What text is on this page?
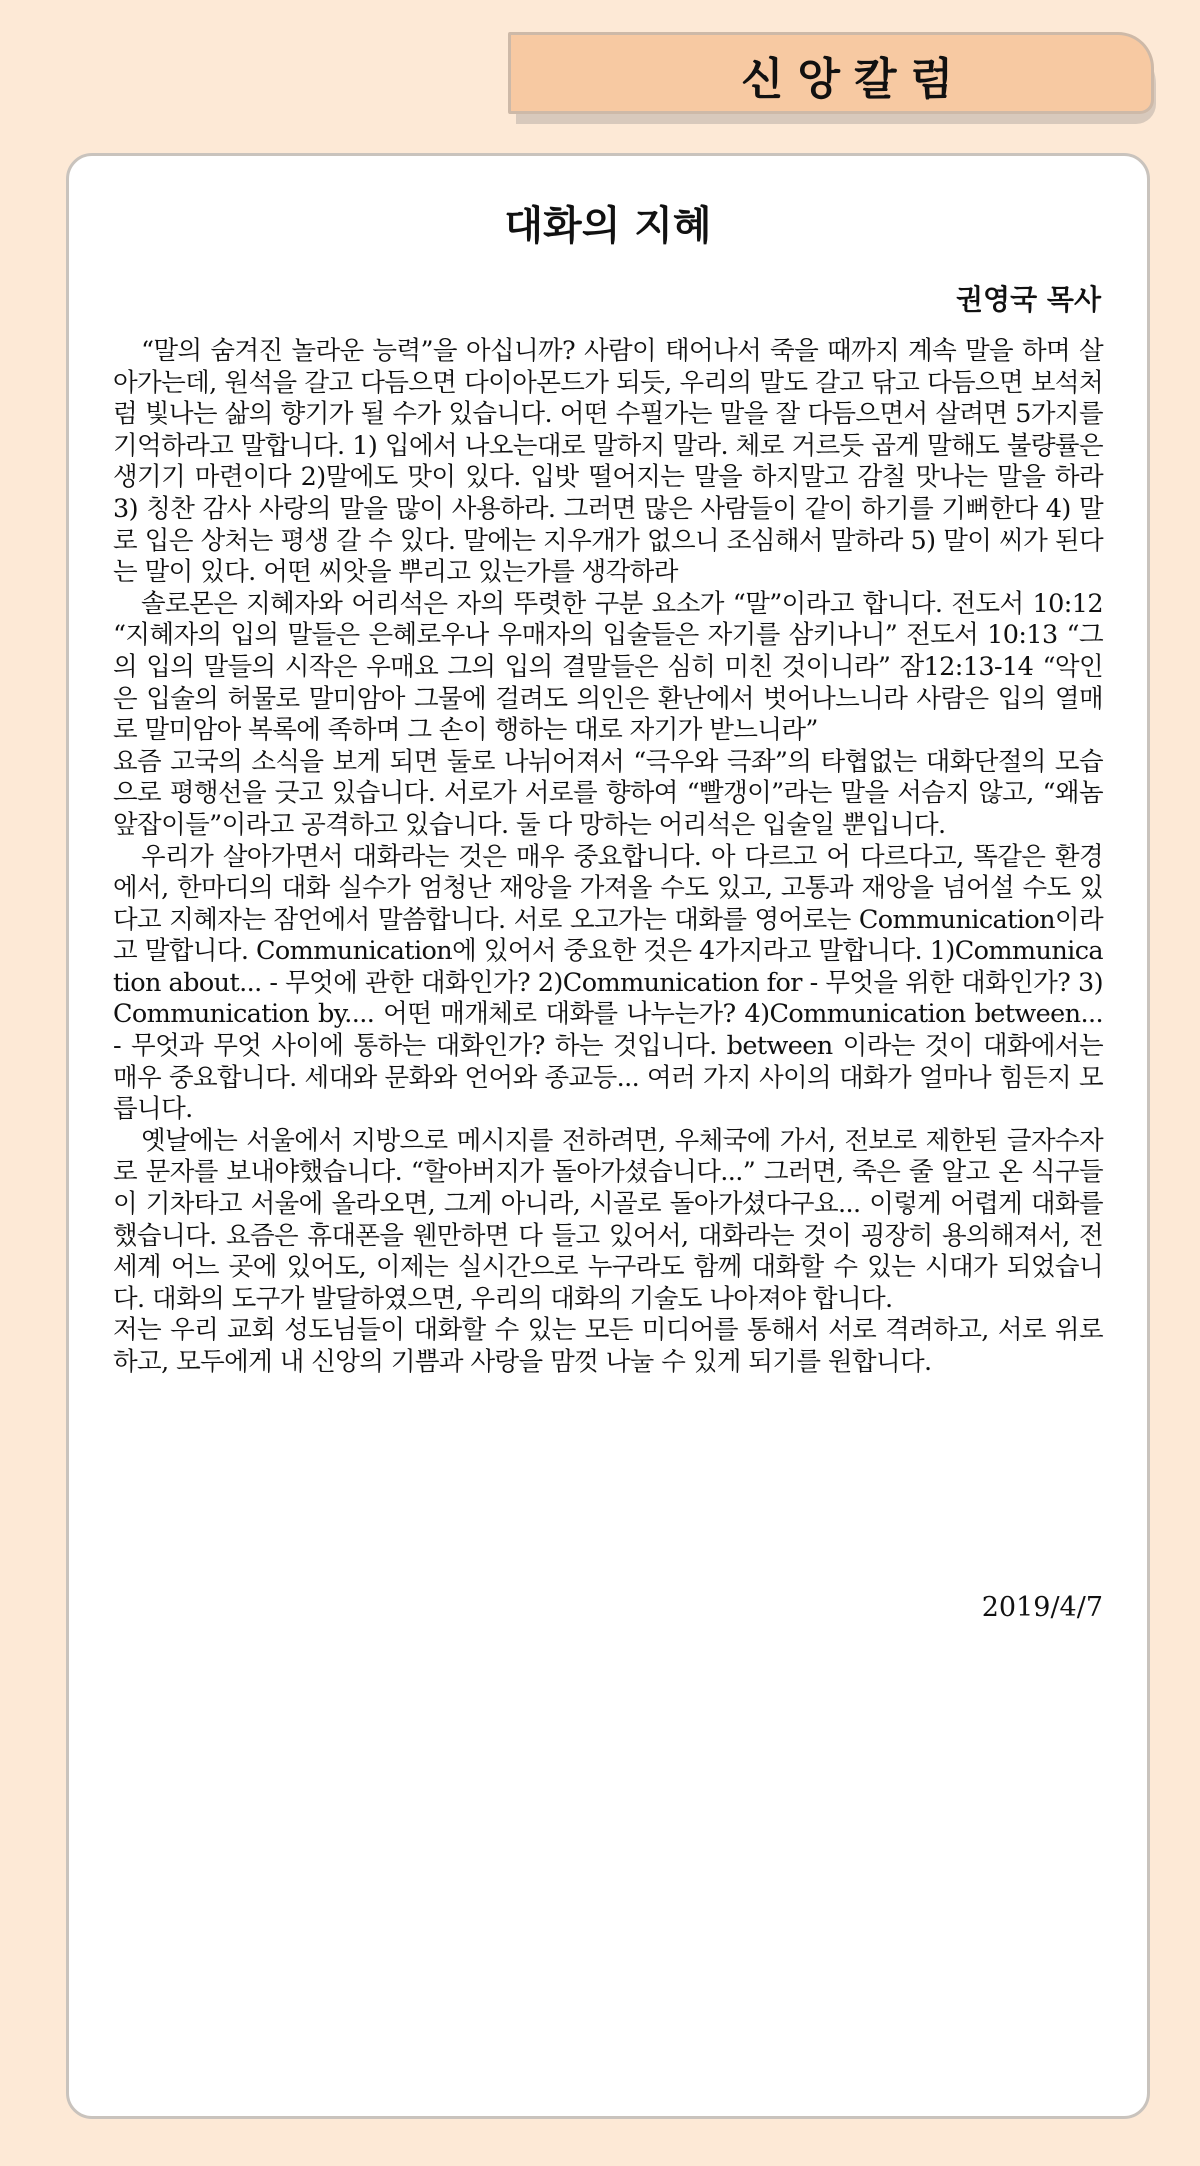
신앙칼럼
대화의 지혜
권영국 목사

“말의 숨겨진 놀라운 능력”을 아십니까? 사람이 태어나서 죽을 때까지 계속 말을 하며 살아가는데, 원석을 갈고 다듬으면 다이아몬드가 되듯, 우리의 말도 갈고 닦고 다듬으면 보석처럼 빛나는 삶의 향기가 될 수가 있습니다. 어떤 수필가는 말을 잘 다듬으면서 살려면 5가지를 기억하라고 말합니다. 1) 입에서 나오는대로 말하지 말라. 체로 거르듯 곱게 말해도 불량률은 생기기 마련이다 2)말에도 맛이 있다. 입밧 떨어지는 말을 하지말고 감칠 맛나는 말을 하라 3) 칭찬 감사 사랑의 말을 많이 사용하라. 그러면 많은 사람들이 같이 하기를 기뻐한다 4) 말로 입은 상처는 평생 갈 수 있다. 말에는 지우개가 없으니 조심해서 말하라 5) 말이 씨가 된다는 말이 있다. 어떤 씨앗을 뿌리고 있는가를 생각하라

솔로몬은 지혜자와 어리석은 자의 뚜렷한 구분 요소가 “말”이라고 합니다. 전도서 10:12 “지혜자의 입의 말들은 은혜로우나 우매자의 입술들은 자기를 삼키나니” 전도서 10:13 “그의 입의 말들의 시작은 우매요 그의 입의 결말들은 심히 미친 것이니라” 잠12:13-14 “악인은 입술의 허물로 말미암아 그물에 걸려도 의인은 환난에서 벗어나느니라 사람은 입의 열매로 말미암아 복록에 족하며 그 손이 행하는 대로 자기가 받느니라”

요즘 고국의 소식을 보게 되면 둘로 나뉘어져서 “극우와 극좌”의 타협없는 대화단절의 모습으로 평행선을 긋고 있습니다. 서로가 서로를 향하여 “빨갱이”라는 말을 서슴지 않고, “왜놈 앞잡이들”이라고 공격하고 있습니다. 둘 다 망하는 어리석은 입술일 뿐입니다.

우리가 살아가면서 대화라는 것은 매우 중요합니다. 아 다르고 어 다르다고, 똑같은 환경에서, 한마디의 대화 실수가 엄청난 재앙을 가져올 수도 있고, 고통과 재앙을 넘어설 수도 있다고 지혜자는 잠언에서 말씀합니다. 서로 오고가는 대화를 영어로는 Communication이라고 말합니다. Communication에 있어서 중요한 것은 4가지라고 말합니다. 1)Communication about... - 무엇에 관한 대화인가? 2)Communication for - 무엇을 위한 대화인가? 3)Communication by.... 어떤 매개체로 대화를 나누는가? 4)Communication between... - 무엇과 무엇 사이에 통하는 대화인가? 하는 것입니다. between 이라는 것이 대화에서는 매우 중요합니다. 세대와 문화와 언어와 종교등... 여러 가지 사이의 대화가 얼마나 힘든지 모릅니다.

옛날에는 서울에서 지방으로 메시지를 전하려면, 우체국에 가서, 전보로 제한된 글자수자로 문자를 보내야했습니다. “할아버지가 돌아가셨습니다...” 그러면, 죽은 줄 알고 온 식구들이 기차타고 서울에 올라오면, 그게 아니라, 시골로 돌아가셨다구요... 이렇게 어렵게 대화를 했습니다. 요즘은 휴대폰을 웬만하면 다 들고 있어서, 대화라는 것이 굉장히 용의해져서, 전세계 어느 곳에 있어도, 이제는 실시간으로 누구라도 함께 대화할 수 있는 시대가 되었습니다. 대화의 도구가 발달하였으면, 우리의 대화의 기술도 나아져야 합니다.

저는 우리 교회 성도님들이 대화할 수 있는 모든 미디어를 통해서 서로 격려하고, 서로 위로하고, 모두에게 내 신앙의 기쁨과 사랑을 맘껏 나눌 수 있게 되기를 원합니다.

2019/4/7
